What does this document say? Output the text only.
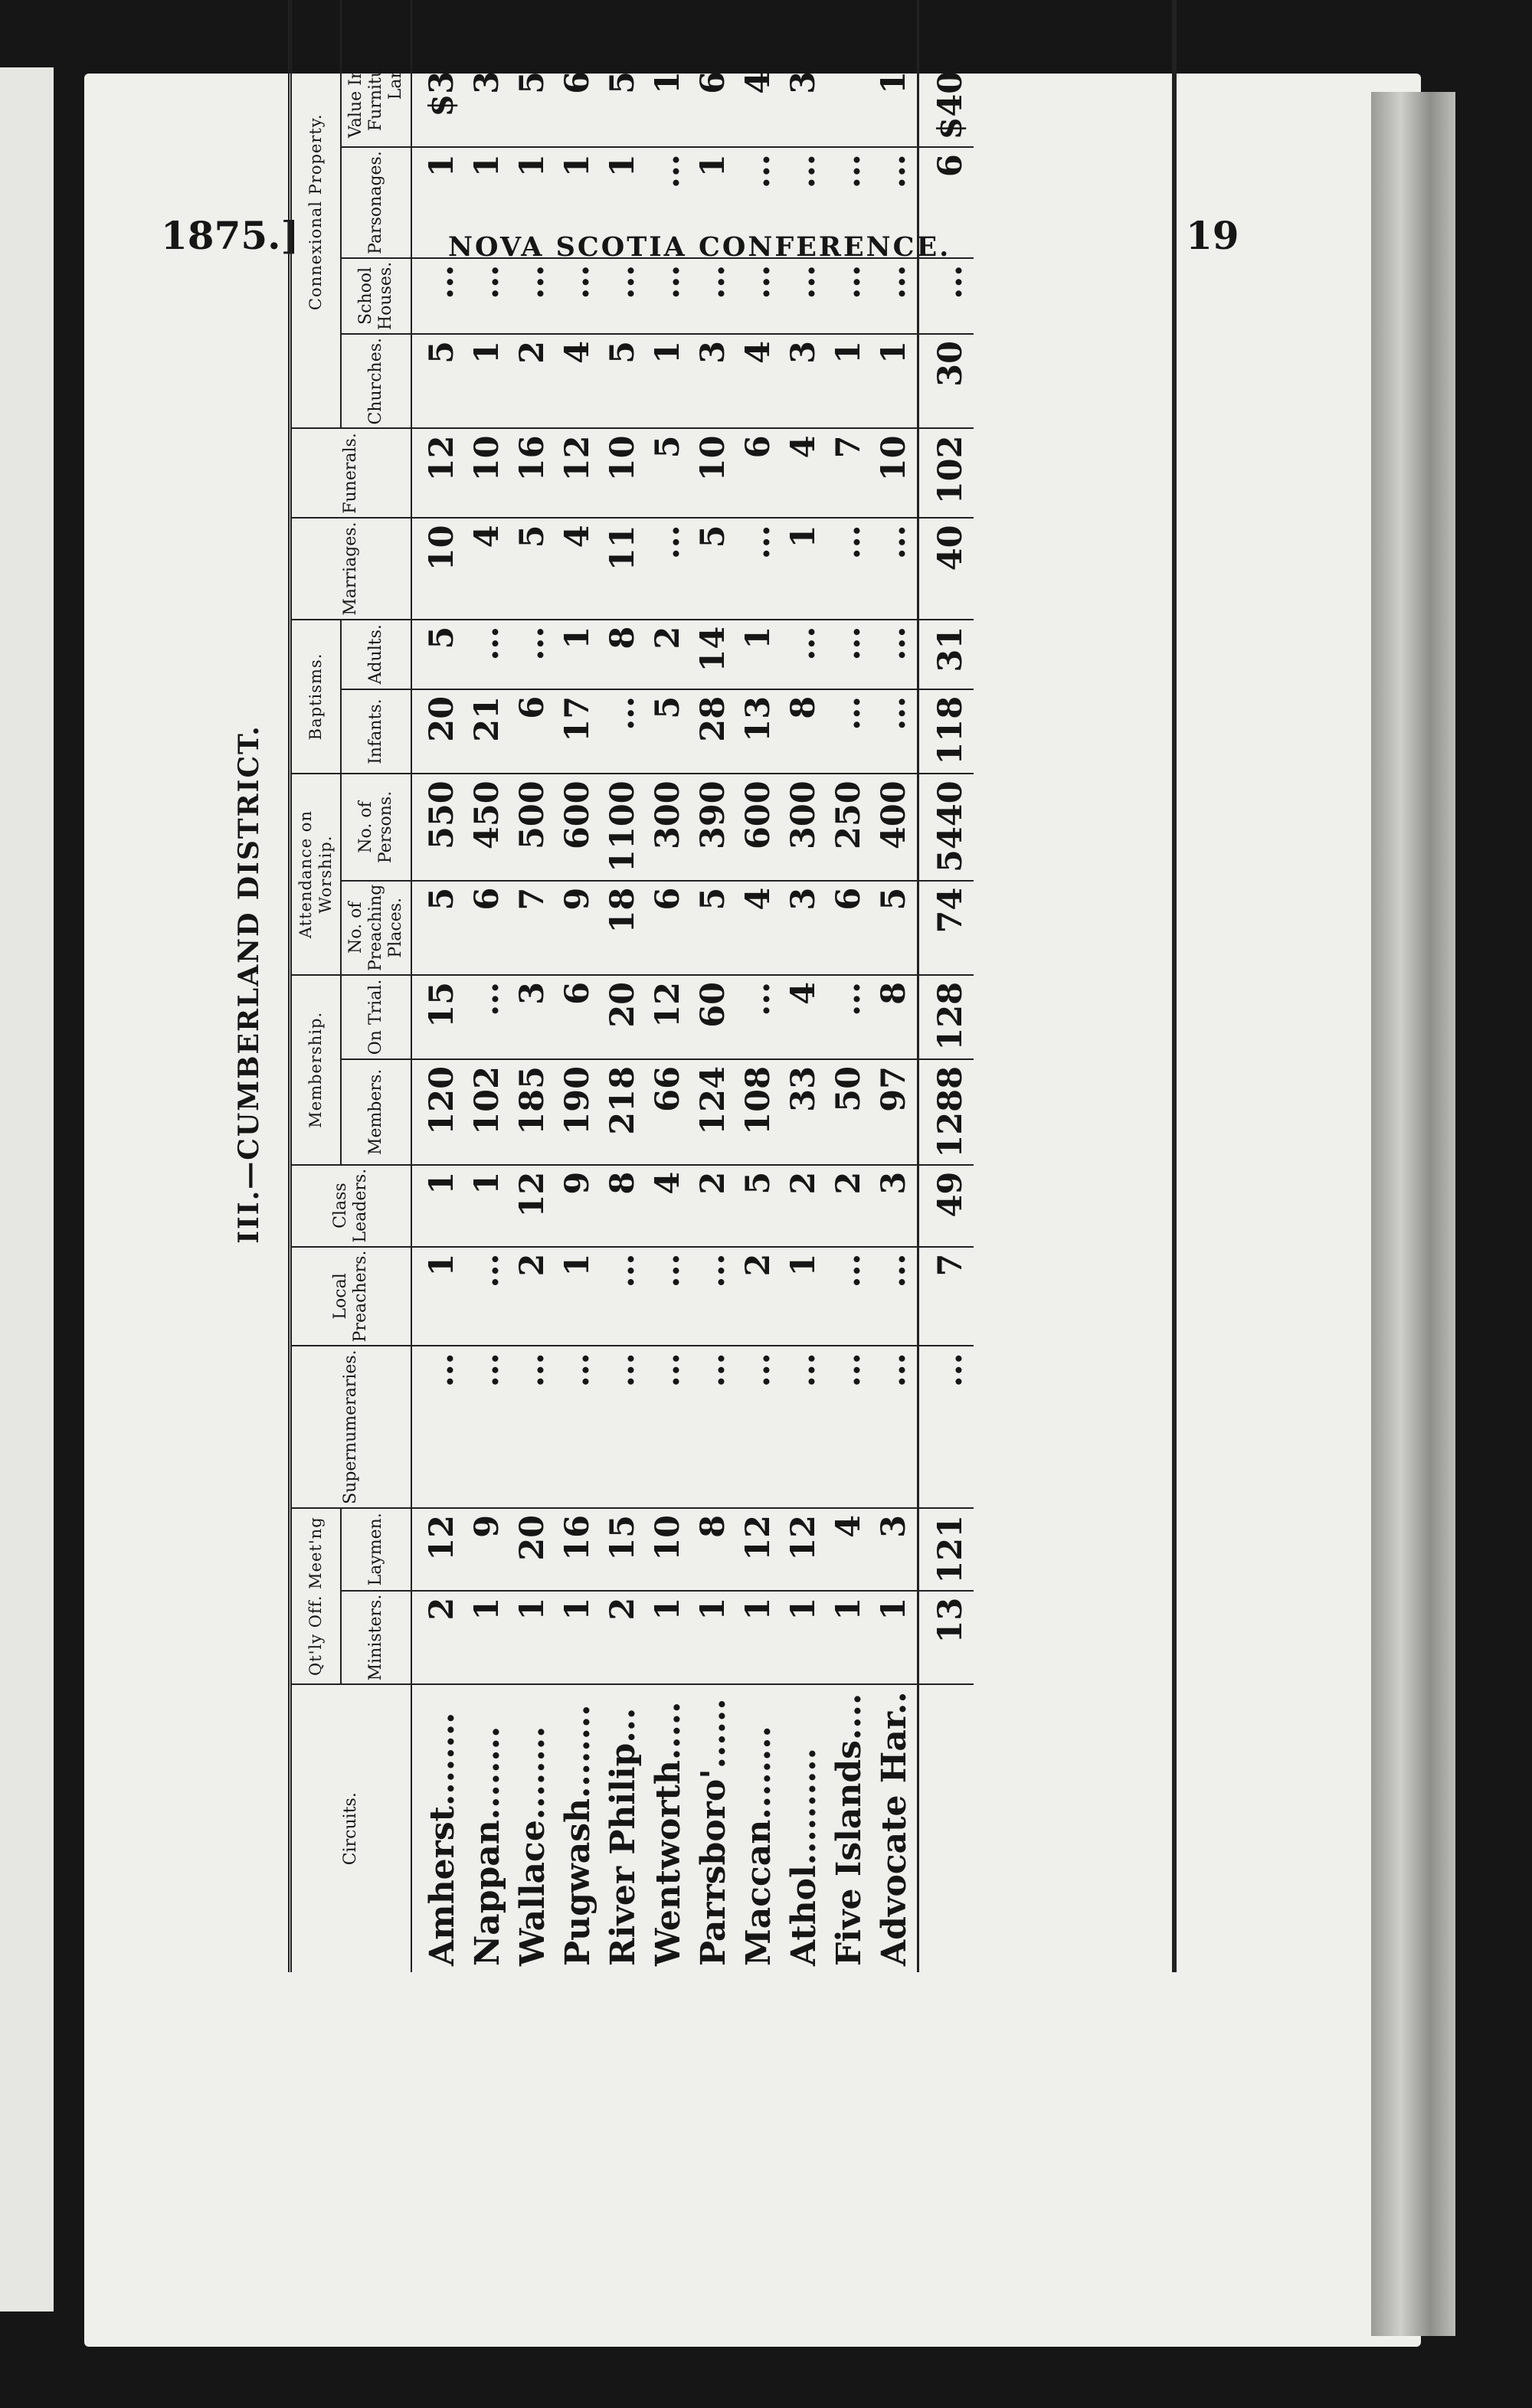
1875.]	NOVA SCOTIA CONFERENCE.	19
III.—CUMBERLAND DISTRICT.
Circuits.	Qt'ly Off. Meet'ng		Supernumeraries.	Local Preachers.	Class Leaders.	Membership.		Attendance on Worship.		Baptisms.		Marriages.	Funerals.	Connexional Property.			
	Ministers.	Laymen.				Members.	On Trial.	No. of Preaching Places.	No. of Persons.	Infants.	Adults.			Churches.	School Houses.	Parsonages.	Value Including Furniture and Lands.
Amherst........	2	12	...	1	1	120	15	5	550	20	5	10	12	5	...	1	$3750
Nappan........	1	9	...	...	1	102	...	6	450	21	...	4	10	1	...	1	3500
Wallace........	1	20	...	2	12	185	3	7	500	6	...	5	16	2	...	1	5500
Pugwash........	1	16	...	1	9	190	6	9	600	17	1	4	12	4	...	1	6100
River Philip...	2	15	...	...	8	218	20	18	1100	...	8	11	10	5	...	1	5000
Wentworth.....	1	10	...	...	4	66	12	6	300	5	2	...	5	1	...	...	1100
Parrsboro'......	1	8	...	...	2	124	60	5	390	28	14	5	10	3	...	1	6700
Maccan........	1	12	...	2	5	108	...	4	600	13	1	...	6	4	...	...	4000
Athol..........	1	12	...	1	2	33	4	3	300	8	...	1	4	3	...	...	3000
Five Islands....	1	4	...	...	2	50	...	6	250	...	...	...	7	1	...	...	400
Advocate Har..	1	3	...	...	3	97	8	5	400	...	...	...	10	1	...	...	1500
	13	121	...	7	49	1288	128	74	5440	118	31	40	102	30	...	6	$40550
